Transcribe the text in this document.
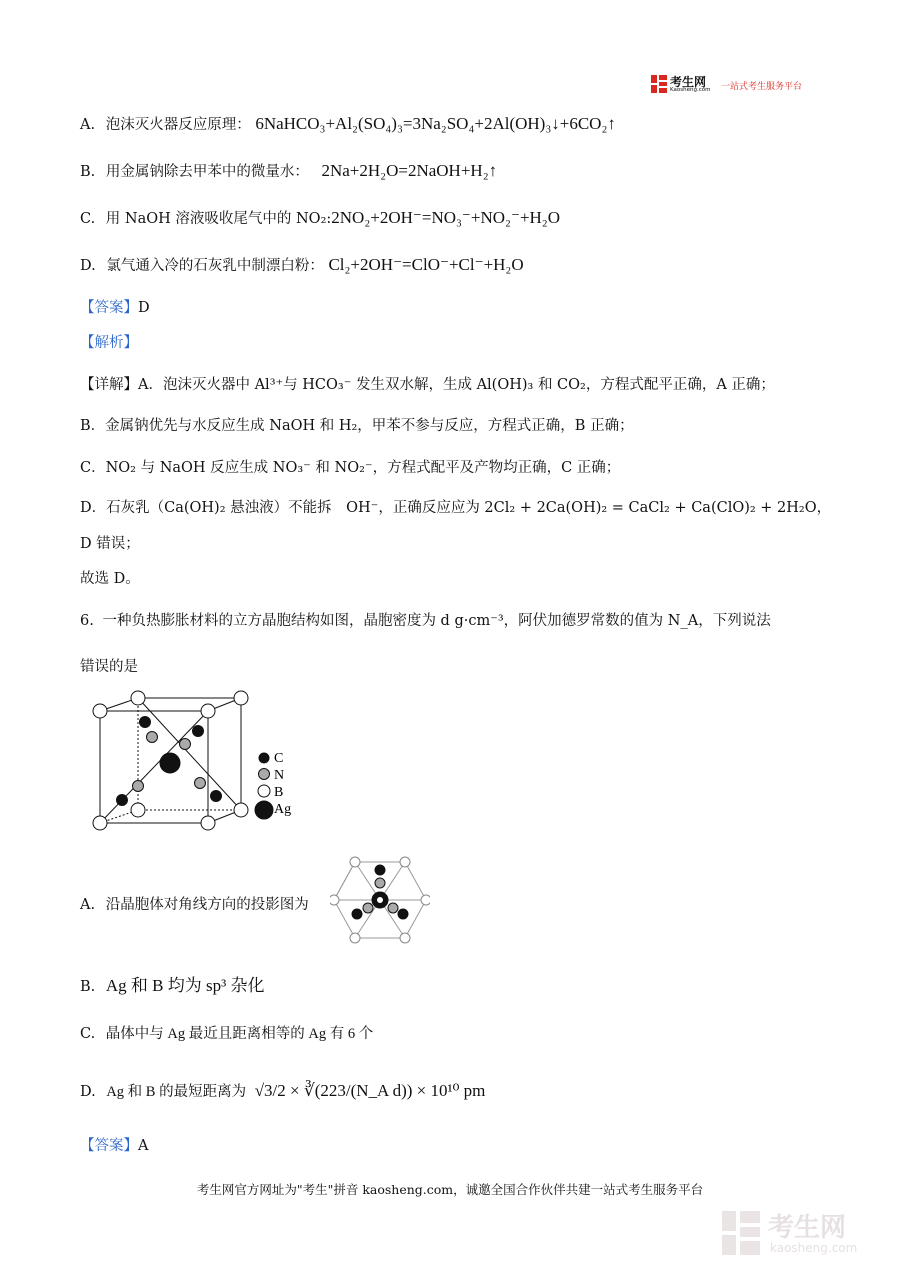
考生网
Kaosheng.com 一站式考生服务平台
A. 泡沫灭火器反应原理： 6NaHCO₃+Al₂(SO₄)₃=3Na₂SO₄+2Al(OH)₃↓+6CO₂↑
B. 用金属钠除去甲苯中的微量水： 2Na+2H₂O=2NaOH+H₂↑
C. 用 NaOH 溶液吸收尾气中的 NO₂:2NO₂+2OH⁻=NO₃⁻+NO₂⁻+H₂O
D. 氯气通入冷的石灰乳中制漂白粉： Cl₂+2OH⁻=ClO⁻+Cl⁻+H₂O
【答案】D
【解析】
【详解】A．泡沫灭火器中 Al³⁺与 HCO₃⁻ 发生双水解，生成 Al(OH)₃ 和 CO₂，方程式配平正确，A 正确；
B．金属钠优先与水反应生成 NaOH 和 H₂，甲苯不参与反应，方程式正确，B 正确；
C．NO₂ 与 NaOH 反应生成 NO₃⁻ 和 NO₂⁻，方程式配平及产物均正确，C 正确；
D．石灰乳（Ca(OH)₂ 悬浊液）不能拆　OH⁻，正确反应应为 2Cl₂ + 2Ca(OH)₂ = CaCl₂ + Ca(ClO)₂ + 2H₂O，
D 错误；
故选 D。
6. 一种负热膨胀材料的立方晶胞结构如图，晶胞密度为 d g·cm⁻³，阿伏加德罗常数的值为 N_A，下列说法
错误的是
C
N
B
Ag
A. 沿晶胞体对角线方向的投影图为
B. Ag 和 B 均为 sp³ 杂化
C. 晶体中与 Ag 最近且距离相等的 Ag 有 6 个
D. Ag 和 B 的最短距离为 √3/2 × ∛(223/(N_A d)) × 10¹⁰ pm
【答案】A
考生网官方网址为"考生"拼音 kaosheng.com，诚邀全国合作伙伴共建一站式考生服务平台
考生网
kaosheng.com
